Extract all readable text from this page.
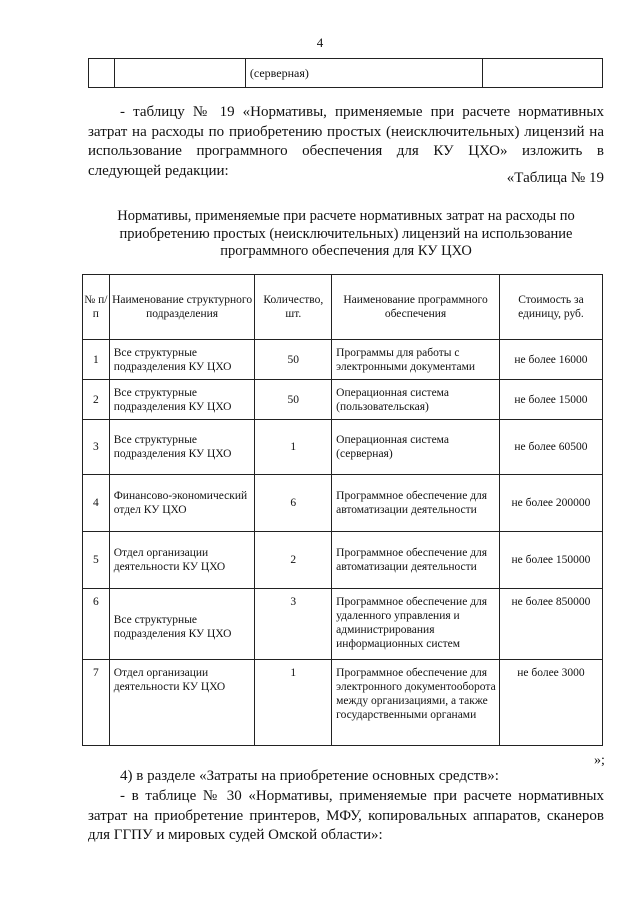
4
		(серверная)	

- таблицу № 19 «Нормативы, применяемые при расчете нормативных затрат на расходы по приобретению простых (неисключительных) лицензий на использование программного обеспечения для КУ ЦХО» изложить в следующей редакции:	«Таблица № 19
Нормативы, применяемые при расчете нормативных затрат на расходы по приобретению простых (неисключительных) лицензий на использование программного обеспечения для КУ ЦХО
№ п/п	Наименование структурного подразделения	Количество, шт.	Наименование программного обеспечения	Стоимость за единицу, руб.
1	Все структурные подразделения КУ ЦХО	50	Программы для работы с электронными документами	не более 16000
2	Все структурные подразделения КУ ЦХО	50	Операционная система (пользовательская)	не более 15000
3	Все структурные подразделения КУ ЦХО	1	Операционная система (серверная)	не более 60500
4	Финансово-экономический отдел КУ ЦХО	6	Программное обеспечение для автоматизации деятельности	не более 200000
5	Отдел организации деятельности КУ ЦХО	2	Программное обеспечение для автоматизации деятельности	не более 150000
6	Все структурные подразделения КУ ЦХО	3	Программное обеспечение для удаленного управления и администрирования информационных систем	не более 850000
7	Отдел организации деятельности КУ ЦХО	1	Программное обеспечение для электронного документооборота между организациями, а также государственными органами	не более 3000
»;

4) в разделе «Затраты на приобретение основных средств»:

- в таблице № 30 «Нормативы, применяемые при расчете нормативных затрат на приобретение принтеров, МФУ, копировальных аппаратов, сканеров для ГГПУ и мировых судей Омской области»:
